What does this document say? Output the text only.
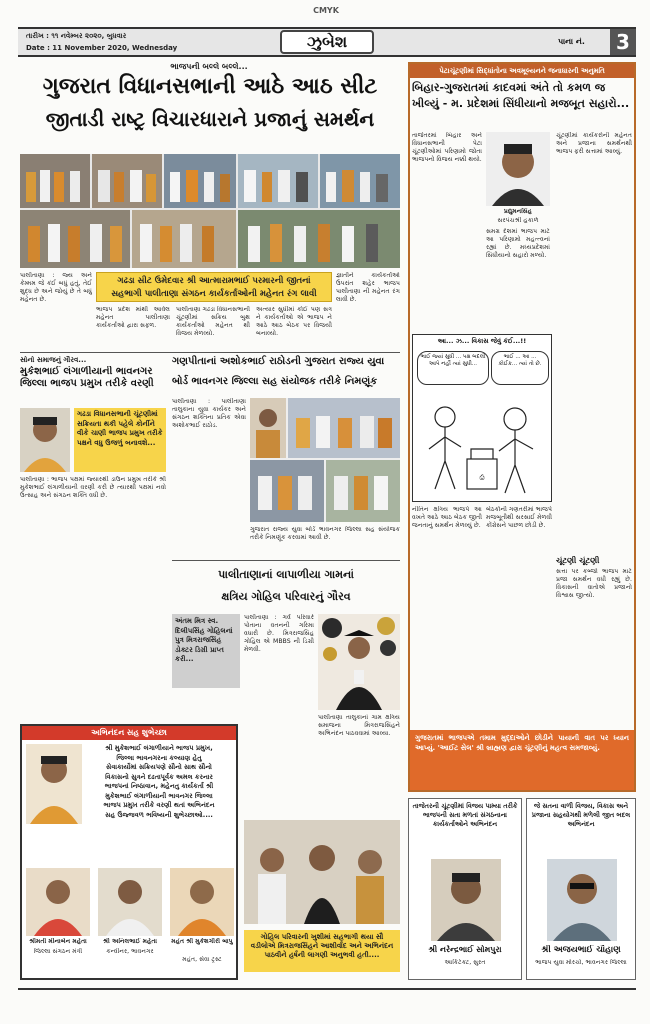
CMYK
તારીખ : ૧૧ નવેમ્બર ૨૦૨૦, બુધવાર
Date : 11 November 2020, Wednesday	ઝુબેશ	પાના નં.	3
ભાજપની બલ્લે બલ્લે...
ગુજરાત વિધાનસભાની આઠે આઠ સીટ
જીતાડી રાષ્ટ્ર વિચારધારાને પ્રજાનું સમર્થન
પાલીતાણા : જ્ય અને કેમ્મમ જે કંઈ બધું હતું, તેઈ શુદ્ધ છે અને જોયું છે તે બધું મહેનત છે.
ગઢડા સીટ ઉમેદવાર શ્રી આત્મારામભાઈ પરમારની જીતનાં
સહભાગી પાલીતાણા સંગઠન કાર્યકર્તાઓની મહેનત રંગ લાવી
ભાજપ પ્રદેશ માંથી આવેલ મહેનત પાલીતાણા કાર્યકર્તાઓ દ્વારા સફળ.
પાલીતાણા ગઢડા વિધાનસભાની ચૂંટણીમાં સક્રિય બુથ કાર્યકર્તાઓ મહેનત થી વિજય મેળવ્યો.
અત્યાર સુધીમાં કોઈ પણ સત્ર ને કાર્યકર્તાઓ એ ભાજપ ને આઠે આઠ બેઠક પર વિજયી બનાવ્યો.
જ્ઞાતીને કાર્યકર્તાઓ ઉપરાંત શહેર ભાજપ પાલીતાણા ની મહેનત રંગ લાવી છે.
સોનો સમાજનું ગૌરવ...
મુકેશભાઈ લંગાળીયાની ભાવનગર જિલ્લા ભાજપ પ્રમુખ તરીકે વરણી
ગઢડા વિધાનસભાની ચૂંટણીમાં સક્રિયતા થકી પહેલે કોર્નીને વીકે ચાણી ભાજપ પ્રમુખ તરીકે પક્ષને વધુ ઉજળું બનાવશે...
પાલીતાણા : ભાજપ પક્ષમાં જ્યારથી ડાઉન પ્રમુખ તરીકે શ્રી મુકેશભાઈ લંગાળીયાની વરણી કરી છે ત્યારથી પક્ષમાં નવો ઉત્સાહ અને સંગઠન શક્તિ વધી છે.
ગણપીતાનાં અશોકભાઈ રાઠોડની ગુજરાત રાજ્ય યુવા
બોર્ડ ભાવનગર જિલ્લા સહ સંયોજક તરીકે નિમણૂંક
પાલીતાણા : પાલીતાણા તાલુકાના યુવા કાર્યકર અને સંગઠન શક્તિના પ્રતિક એવા અશોકભાઈ રાઠોડ.
ગુજરાત રાજ્ય યુવા બોર્ડ ભાવનગર જિલ્લા સહ સંયોજક તરીકે નિમણૂંક કરવામાં આવી છે.
પાલીતાણાનાં લાપાળીયા ગામનાં
ક્ષત્રિય ગોહિલ પરિવારનું ગૌરવ
અંતમ મિત્ર સ્વ. દિલીપસિંહ ગોહિલનાં પુત્ર મિત્રરાજસિંહ ડોક્ટર ડિગ્રી પ્રાપ્ત કરી...
પાલીતાણા : ગર્વ પરિવારે પોતાના વતનની ગરિમા વધારી છે. મિત્રરાજસિંહ ગોહિલ એ MBBS ની ડિગ્રી મેળવી.
પાલીતાણા તાલુકાનાં ગામ ક્ષત્રિય સમાજના મિત્રરાજસિંહને અભિનંદન પાઠવવામાં આવ્યા.
ગોહિલ પરિવારની ખુશીમાં સહભાગી થયા સૌ વડીલોએ મિત્રરાજસિંહને આશીર્વાદ અને અભિનંદન પાઠવીને હર્ષની લાગણી અનુભવી હતી....
અભિનંદન સહ શુભેચ્છા
શ્રી મુકેશભાઈ લંગાળીયાને ભાજપ પ્રમુખ,
જિલ્લા ભાવનગરના કલ્યાણ હેતુ
સેવાકાર્યોમાં સક્રિયપણે સૌનો સાથ સૌનો
વિકાસનો સુત્રને દઢતાપૂર્વક અમલ કરનાર
ભાજપનાં નિષ્ઠાવાન, મહેનતુ કાર્યકર્તા શ્રી
મુકેશભાઈ લંગાળીયાની ભાવનગર જિલ્લા
ભાજપ પ્રમુખ તરીકે વરણી થતાં અભિનંદન
સહ ઉજ્જવળ ભવિષ્યની શુભેચ્છાઓ....
શ્રીમતી મીનાબેન મહેતા
જિલ્લા સંગઠન મંત્રી
શ્રી અનિલભાઈ મહેતા
કન્વીનર, ભાવનગર
મહંત શ્રી મુકેશગીરી બાપુ
મહંત, સેવા ટ્રસ્ટ
પેટાચૂંટણીમાં સિદ્ધાંતોના અવમૂલ્યનને જનાધારની અનુમતિ
બિહાર-ગુજરાતમાં કાદવમાં અંતે તો કમળ જ ખીલ્યું - મ. પ્રદેશમાં સિંધીયાનો મજબૂત સહારો...
તાજેતરમાં બિહાર અને વિધાનસભાની પેટા ચૂંટણીઓમાં પરિણામો જોતા ભાજપનો વિજય નક્કી થયો.
પ્રદ્યુમનસિંહ
સરપંચશ્રી હકાળે
સમગ્ર દેશમાં ભાજપ માટે આ પરિણામો મહત્ત્વનાં રહ્યાં છે. મધ્યપ્રદેશમાં સિંધીયાનો સહારો મળ્યો.
ચૂંટણીમાં કાર્યકરોની મહેનત અને પ્રજાના સમર્થનથી ભાજપ ફરી સત્તામાં આવ્યું.
આ... ઝ... વિકાસ જેવું કંઈ...!!
ભાઈ જ્યાં સુધી ... પક્ષ બદલી આપે નહીં ત્યાં સુધી...
ભાઈ ... આ ... કોઈક... ત્યાં તો છે.
⎙
ચૂંટણી ચૂંટણી
નીતિન ક્ષત્રિય ભાજપે આ વખતે આઠે આઠ બેઠક જીતી જનતાનું સમર્થન મેળવ્યું છે.
બેઠકોની ગણતરીમાં ભાજપે મજબૂતીથી સરસાઈ મેળવી કોંગ્રેસને પાછળ છોડી છે.
સત્તા પર કબ્જો ભાજપ માટે પ્રજા સમર્થન વધી રહ્યું છે. વિકાસની વાતોએ પ્રજાનો વિશ્વાસ જીત્યો.
ગુજરાતમાં ભાજપએ તમામ મુદ્દાઓને છોડીને પાયાની વાત પર ધ્યાન આપ્યું. 'આઈટ સેલ' શ્રી બ્રાહ્મણ દ્વારા ચૂંટણીનું મહત્વ સમજાવ્યું.
તાજેતરની ચૂંટણીમાં વિજય પામ્યા તરીકે ભાજપની સતા મળતાં સંગઠનાના કાર્યકર્તાઓને અભિનંદન
શ્રી નરેન્દ્રભાઈ સોમપુરા
આર્કિટેક્ટ, સુરત
જે સતના વાળી વિજય, વિકાસ અને પ્રજાના સહયોગથી મળેલી જીત બદલ અભિનંદન
શ્રી અજયભાઈ ચૌહાણ
ભાજપ યુવા મોરચો, ભાવનગર જિલ્લા
